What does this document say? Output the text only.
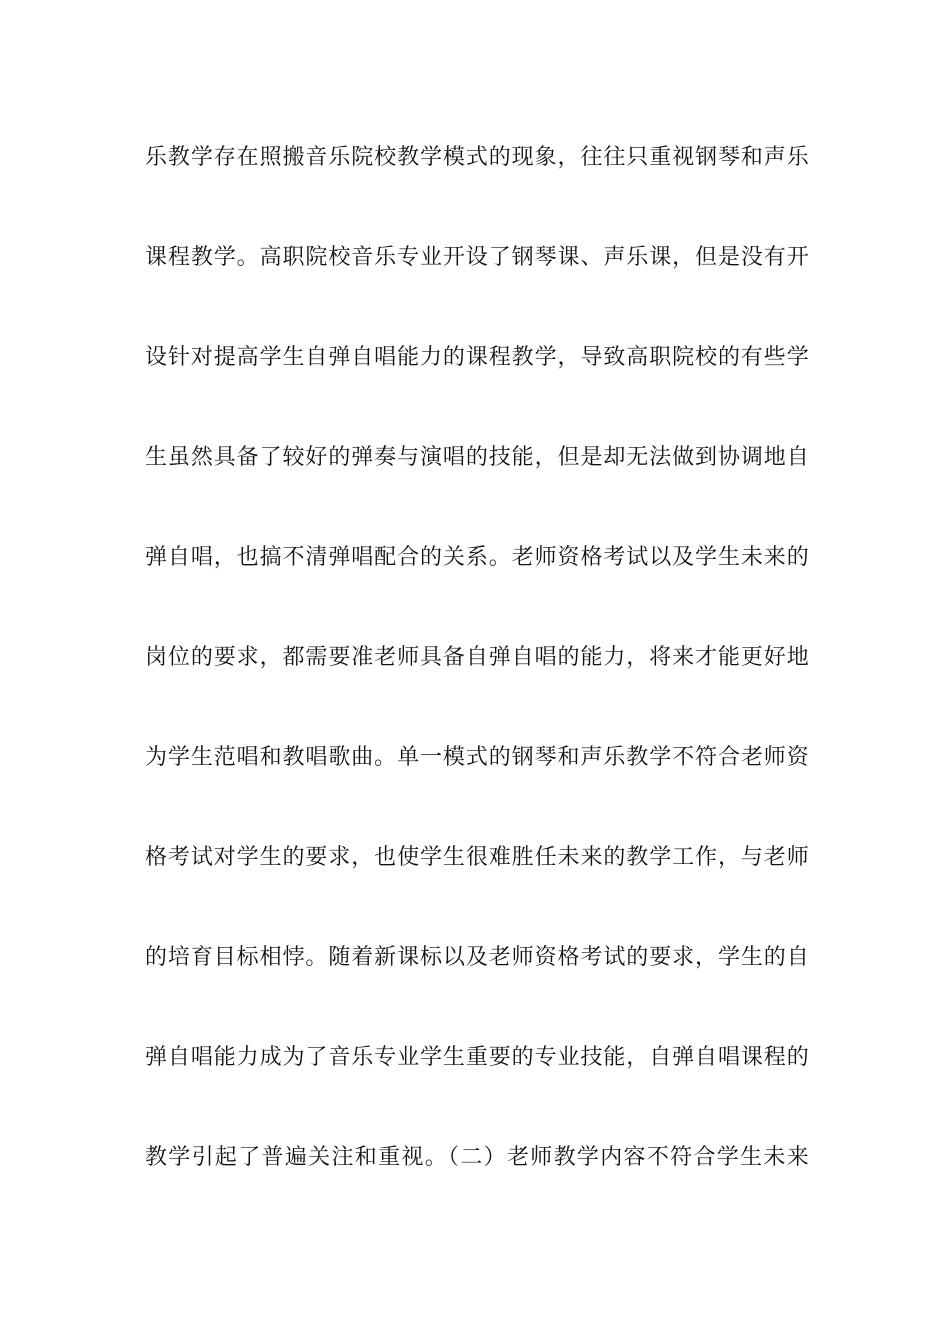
乐教学存在照搬音乐院校教学模式的现象，往往只重视钢琴和声乐
课程教学。高职院校音乐专业开设了钢琴课、声乐课，但是没有开
设针对提高学生自弹自唱能力的课程教学，导致高职院校的有些学
生虽然具备了较好的弹奏与演唱的技能，但是却无法做到协调地自
弹自唱，也搞不清弹唱配合的关系。老师资格考试以及学生未来的
岗位的要求，都需要准老师具备自弹自唱的能力，将来才能更好地
为学生范唱和教唱歌曲。单一模式的钢琴和声乐教学不符合老师资
格考试对学生的要求，也使学生很难胜任未来的教学工作，与老师
的培育目标相悖。随着新课标以及老师资格考试的要求，学生的自
弹自唱能力成为了音乐专业学生重要的专业技能，自弹自唱课程的
教学引起了普遍关注和重视。（二）老师教学内容不符合学生未来
